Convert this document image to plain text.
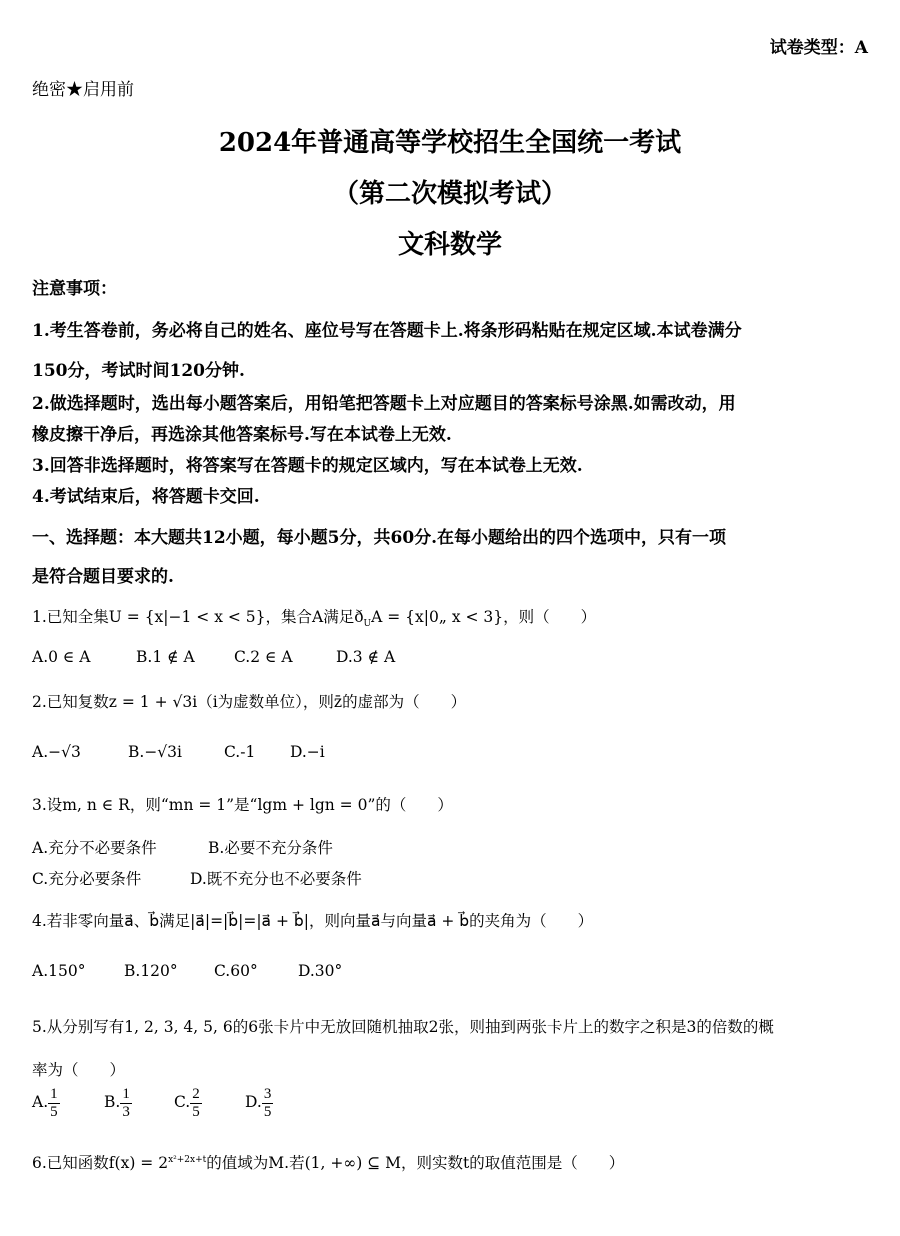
试卷类型：A
绝密★启用前
2024年普通高等学校招生全国统一考试
（第二次模拟考试）
文科数学
注意事项：
1.考生答卷前，务必将自己的姓名、座位号写在答题卡上.将条形码粘贴在规定区域.本试卷满分
150分，考试时间120分钟.
2.做选择题时，选出每小题答案后，用铅笔把答题卡上对应题目的答案标号涂黑.如需改动，用
橡皮擦干净后，再选涂其他答案标号.写在本试卷上无效.
3.回答非选择题时，将答案写在答题卡的规定区域内，写在本试卷上无效.
4.考试结束后，将答题卡交回.
一、选择题：本大题共12小题，每小题5分，共60分.在每小题给出的四个选项中，只有一项
是符合题目要求的.
1.已知全集U = {x|−1 < x < 5}，集合A满足$ð_UA$ = {x|0„ x < 3}，则（　　）
A.0 ∈ A	B.1 ∉ A	C.2 ∈ A	D.3 ∉ A
2.已知复数z = 1 + √3i（i为虚数单位），则z̄的虚部为（　　）
A.−√3	B.−√3i	C.-1 D.−i
3.设m, n ∈ R，则“mn = 1”是“lgm + lgn = 0”的（　　）
A.充分不必要条件	B.必要不充分条件
C.充分必要条件	D.既不充分也不必要条件
4.若非零向量a⃗、b⃗满足|a⃗|=|b⃗|=|a⃗ + b⃗|，则向量a⃗与向量a⃗ + b⃗的夹角为（　　）
A.150° B.120° C.60°	D.30°
5.从分别写有1, 2, 3, 4, 5, 6的6张卡片中无放回随机抽取2张，则抽到两张卡片上的数字之积是3的倍数的概
率为（　　）
A. $\frac{1}{5}$	B. $\frac{1}{3}$	C. $\frac{2}{5}$	D. $\frac{3}{5}$
6.已知函数$f(x) = 2^{x^2+2x+t}$的值域为M.若(1, +∞) ⊆ M，则实数t的取值范围是（　　）
